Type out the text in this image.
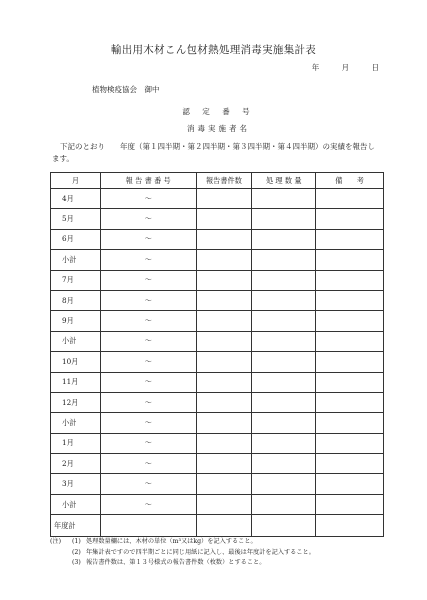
輸出用木材こん包材熱処理消毒実施集計表
年	月	日
植物検疫協会　御中
認 定 番 号
消毒実施者名
下記のとおり　　年度（第１四半期・第２四半期・第３四半期・第４四半期）の実績を報告します。
月	報 告 書 番 号	報告書件数	処 理 数 量	備　　考
4月	～			
5月	～			
6月	～			
小計	～			
7月	～			
8月	～			
9月	～			
小計	～			
10月	～			
11月	～			
12月	～			
小計	～			
1月	～			
2月	～			
3月	～			
小計	～			
年度計				
(注)	(1) 処理数量欄には、木材の単位（m³又はkg）を記入すること。
(2) 年集計表ですので四半期ごとに同じ用紙に記入し、最後は年度計を記入すること。
(3) 報告書件数は、第１３号様式の報告書件数（枚数）とすること。
